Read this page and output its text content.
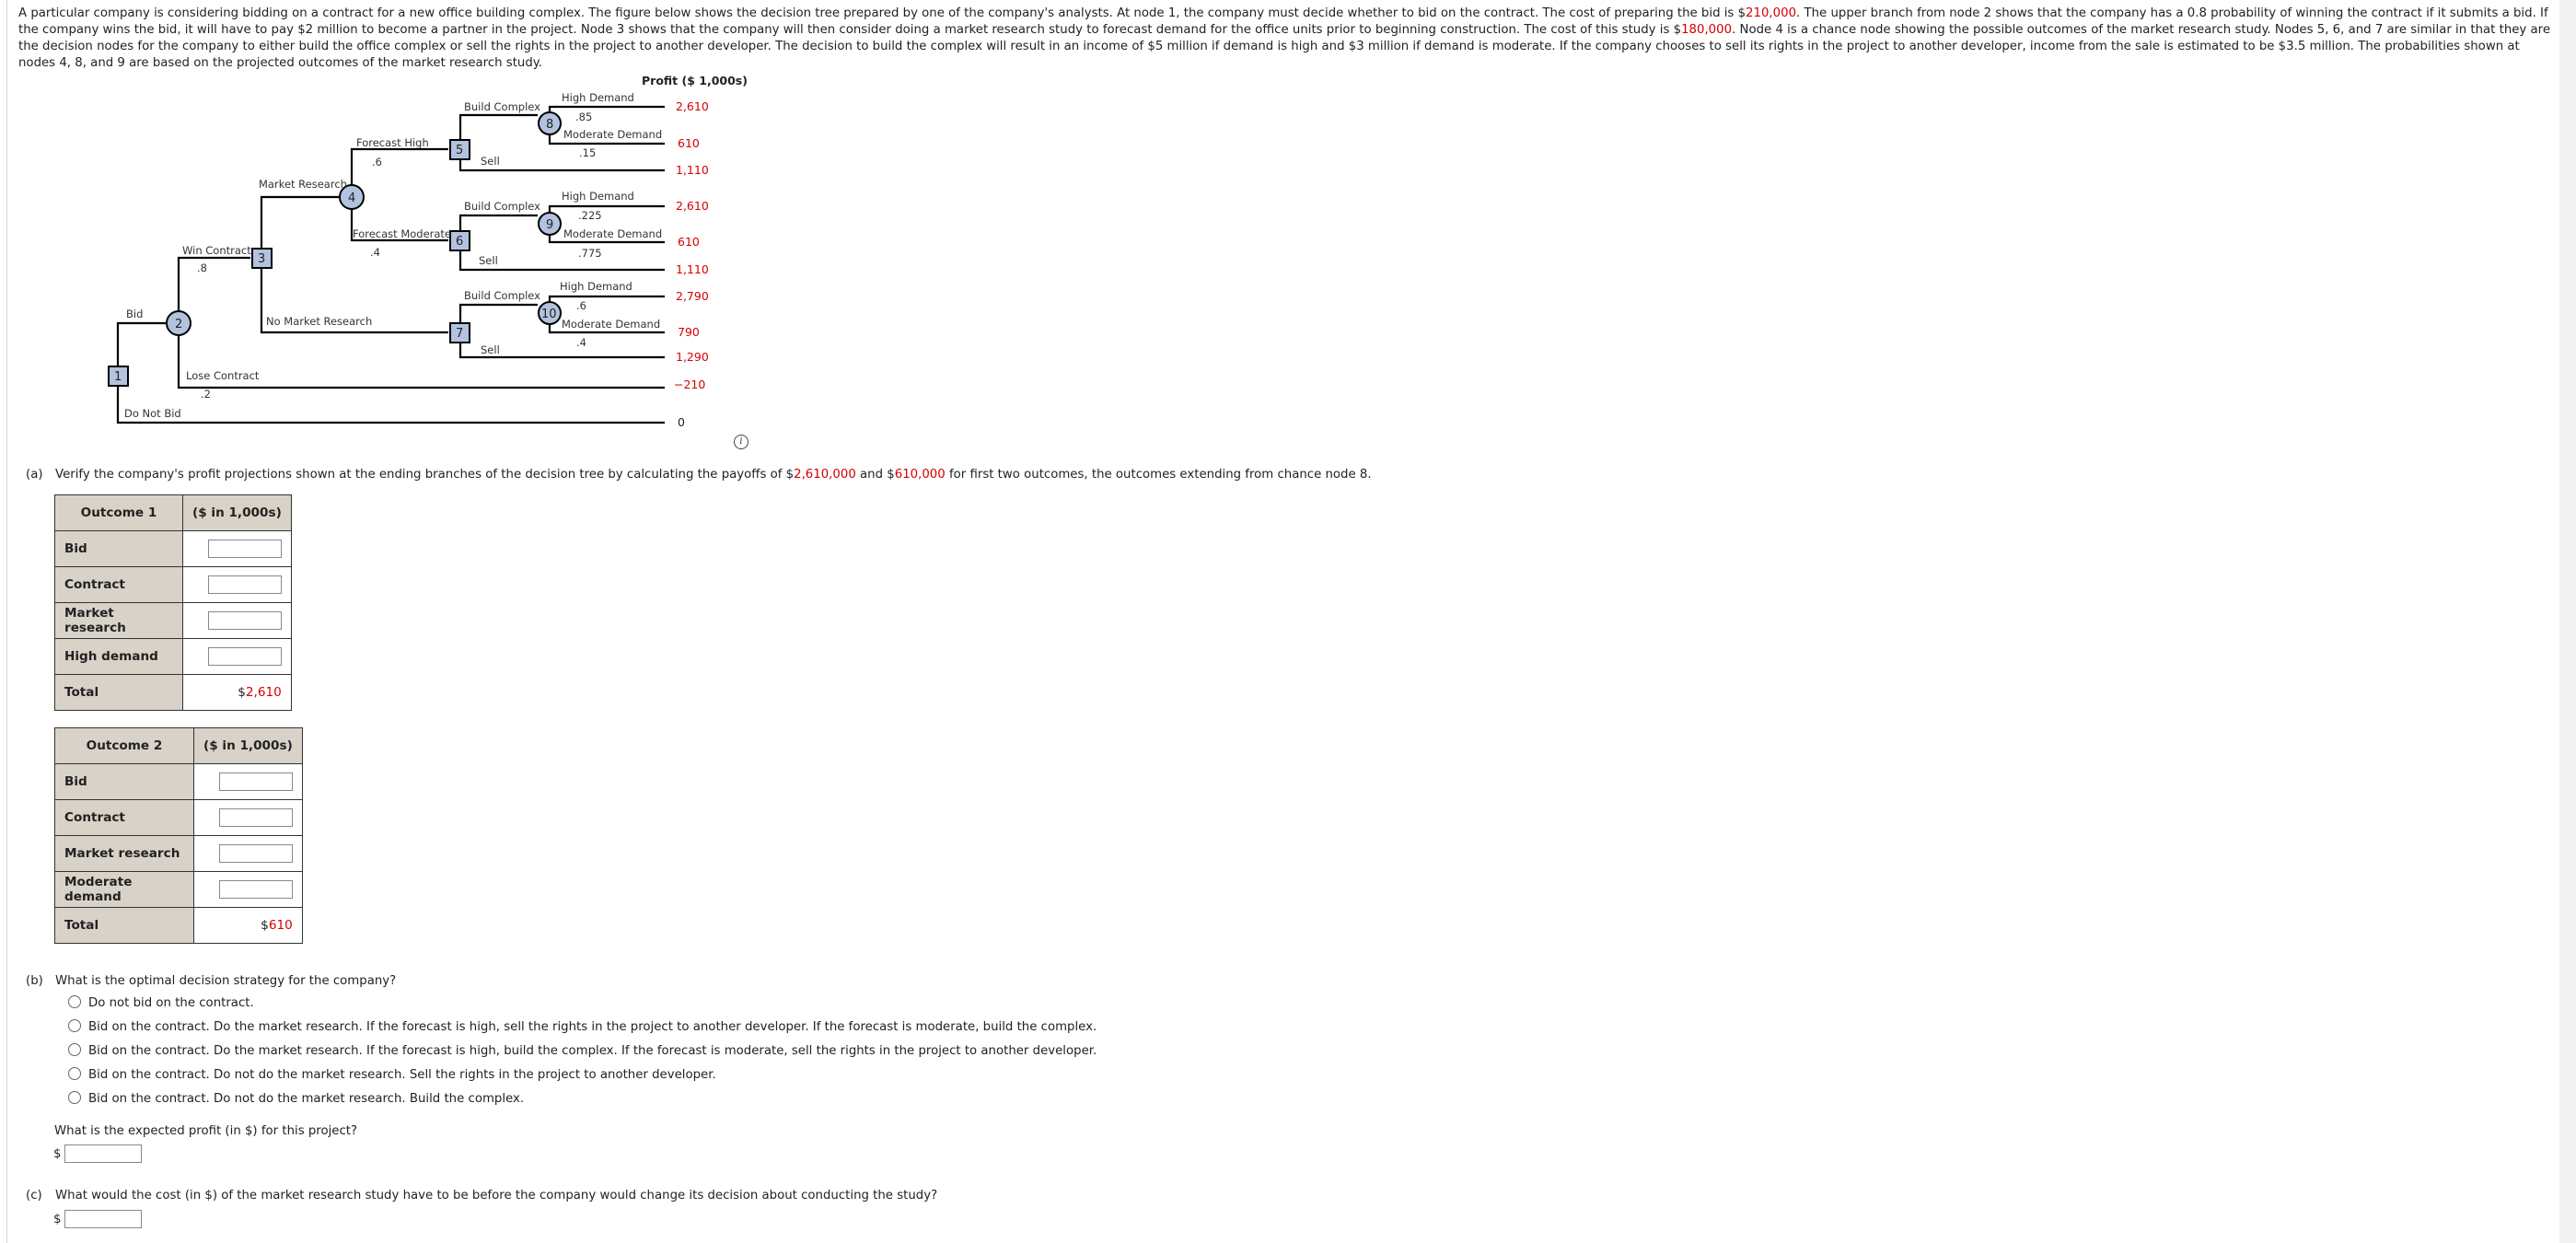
A particular company is considering bidding on a contract for a new office building complex. The figure below shows the decision tree prepared by one of the company's analysts. At node 1, the company must decide whether to bid on the contract. The cost of preparing the bid is $210,000. The upper branch from node 2 shows that the company has a 0.8 probability of winning the contract if it submits a bid. If the company wins the bid, it will have to pay $2 million to become a partner in the project. Node 3 shows that the company will then consider doing a market research study to forecast demand for the office units prior to beginning construction. The cost of this study is $180,000. Node 4 is a chance node showing the possible outcomes of the market research study. Nodes 5, 6, and 7 are similar in that they are the decision nodes for the company to either build the office complex or sell the rights in the project to another developer. The decision to build the complex will result in an income of $5 million if demand is high and $3 million if demand is moderate. If the company chooses to sell its rights in the project to another developer, income from the sale is estimated to be $3.5 million. The probabilities shown at nodes 4, 8, and 9 are based on the projected outcomes of the market research study.
Profit ($ 1,000s)
1
3
5
6
7
2
4
8
9
10
Bid
Do Not Bid
Win Contract
.8
Lose Contract
.2
Market Research
No Market Research
Forecast High
.6
Forecast Moderate
.4
Build Complex
Sell
Build Complex
Sell
Build Complex
Sell
High Demand
.85
Moderate Demand
.15
High Demand
.225
Moderate Demand
.775
High Demand
.6
Moderate Demand
.4
2,610
610
1,110
2,610
610
1,110
2,790
790
1,290
−210
0
i
(a) Verify the company's profit projections shown at the ending branches of the decision tree by calculating the payoffs of $2,610,000 and $610,000 for first two outcomes, the outcomes extending from chance node 8.
Outcome 1	($ in 1,000s)
Bid	
Contract	
Market research	
High demand	
Total	$2,610
Outcome 2	($ in 1,000s)
Bid	
Contract	
Market research	
Moderate demand	
Total	$610
(b) What is the optimal decision strategy for the company?
Do not bid on the contract.
Bid on the contract. Do the market research. If the forecast is high, sell the rights in the project to another developer. If the forecast is moderate, build the complex.
Bid on the contract. Do the market research. If the forecast is high, build the complex. If the forecast is moderate, sell the rights in the project to another developer.
Bid on the contract. Do not do the market research. Sell the rights in the project to another developer.
Bid on the contract. Do not do the market research. Build the complex.
What is the expected profit (in $) for this project?
$
(c) What would the cost (in $) of the market research study have to be before the company would change its decision about conducting the study?
$
